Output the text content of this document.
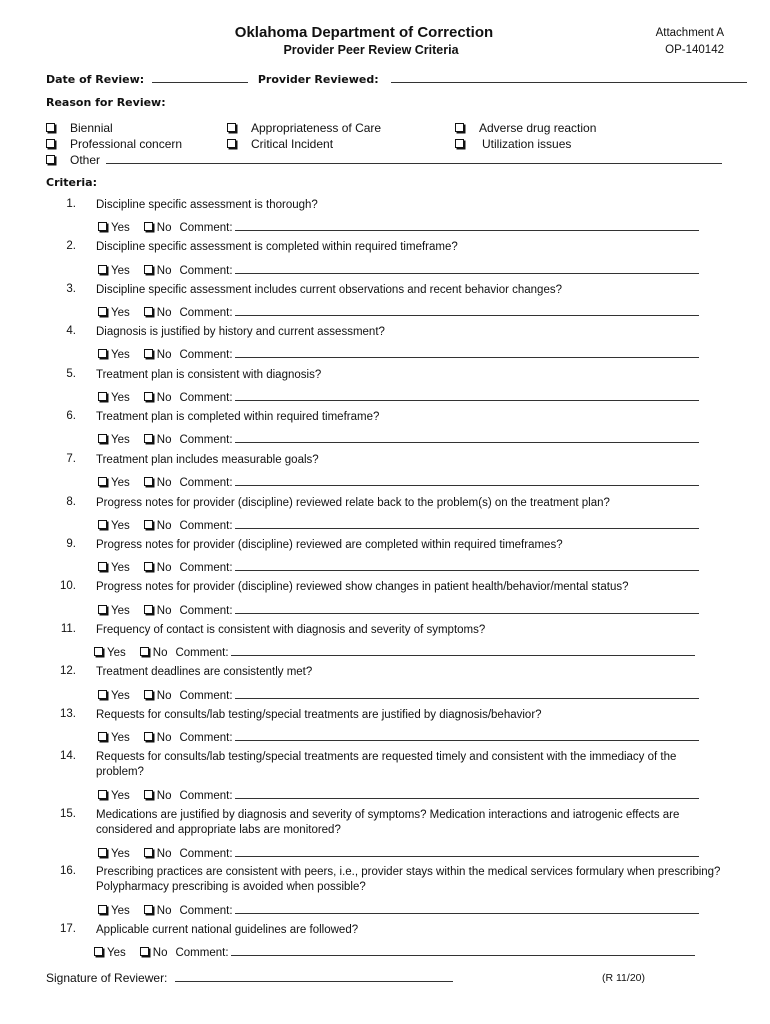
Oklahoma Department of Correction
Provider Peer Review Criteria
Attachment A
OP-140142
Date of Review:	Provider Reviewed:
Reason for Review:
Biennial
Professional concern
Other
Appropriateness of Care
Critical Incident
Adverse drug reaction
Utilization issues
Criteria:
1. Discipline specific assessment is thorough?
Yes No Comment:
2. Discipline specific assessment is completed within required timeframe?
Yes No Comment:
3. Discipline specific assessment includes current observations and recent behavior changes?
Yes No Comment:
4. Diagnosis is justified by history and current assessment?
Yes No Comment:
5. Treatment plan is consistent with diagnosis?
Yes No Comment:
6. Treatment plan is completed within required timeframe?
Yes No Comment:
7. Treatment plan includes measurable goals?
Yes No Comment:
8. Progress notes for provider (discipline) reviewed relate back to the problem(s) on the treatment plan?
Yes No Comment:
9. Progress notes for provider (discipline) reviewed are completed within required timeframes?
Yes No Comment:
10. Progress notes for provider (discipline) reviewed show changes in patient health/behavior/mental status?
Yes No Comment:
11. Frequency of contact is consistent with diagnosis and severity of symptoms?
Yes No Comment:
12. Treatment deadlines are consistently met?
Yes No Comment:
13. Requests for consults/lab testing/special treatments are justified by diagnosis/behavior?
Yes No Comment:
14. Requests for consults/lab testing/special treatments are requested timely and consistent with the immediacy of the problem?
Yes No Comment:
15. Medications are justified by diagnosis and severity of symptoms? Medication interactions and iatrogenic effects are considered and appropriate labs are monitored?
Yes No Comment:
16. Prescribing practices are consistent with peers, i.e., provider stays within the medical services formulary when prescribing? Polypharmacy prescribing is avoided when possible?
Yes No Comment:
17. Applicable current national guidelines are followed?
Yes No Comment:
Signature of Reviewer:	(R 11/20)
